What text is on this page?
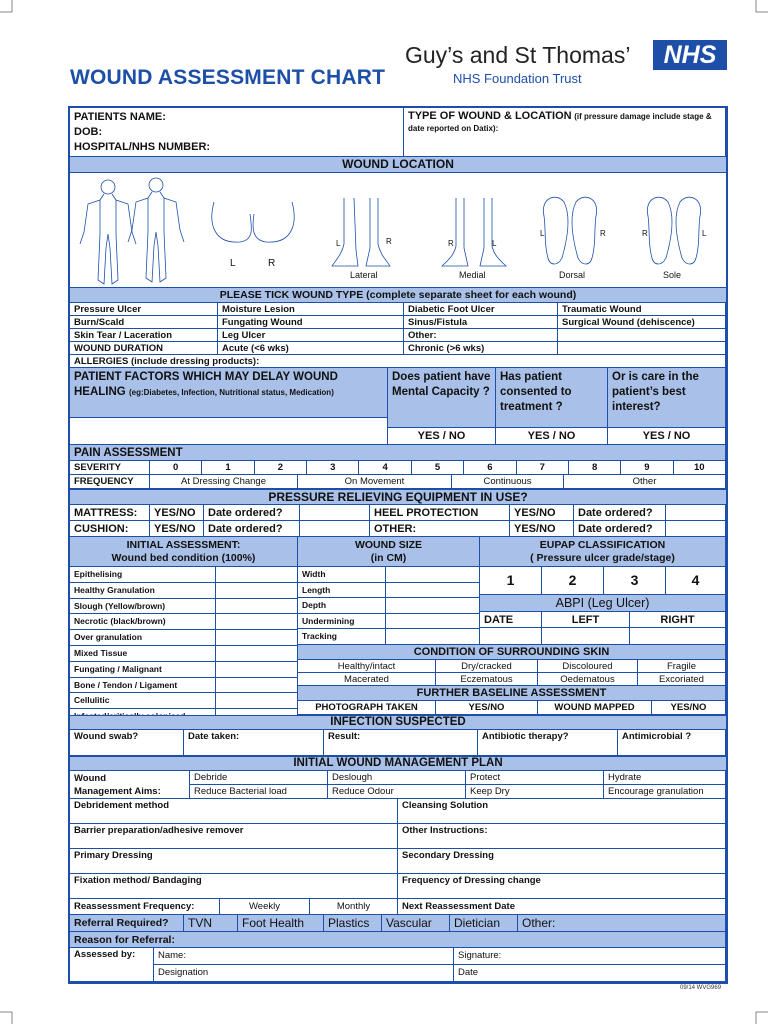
WOUND ASSESSMENT CHART
Guy’s and St Thomas’
NHS Foundation Trust
NHS
PATIENTS NAME:
DOB:
HOSPITAL/NHS NUMBER:
TYPE OF WOUND & LOCATION (if pressure damage include stage & date reported on Datix):
WOUND LOCATION
L	R
L	R	R	L
L	R	R	L
Lateral	Medial	Dorsal	Sole
PLEASE TICK WOUND TYPE (complete separate sheet for each wound)
Pressure Ulcer	Moisture Lesion	Diabetic Foot Ulcer	Traumatic Wound
Burn/Scald	Fungating Wound	Sinus/Fistula	Surgical Wound (dehiscence)
Skin Tear / Laceration	Leg Ulcer	Other:
WOUND DURATION	Acute (<6 wks)	Chronic (>6 wks)
ALLERGIES (include dressing products):
PATIENT FACTORS WHICH MAY DELAY WOUND HEALING (eg:Diabetes, Infection, Nutritional status, Medication)
Does patient have Mental Capacity ?
Has patient consented to treatment ?
Or is care in the patient’s best interest?
YES / NO	YES / NO	YES / NO
PAIN ASSESSMENT
SEVERITY	0	1	2	3	4	5	6	7	8	9	10
FREQUENCY	At Dressing Change	On Movement	Continuous	Other
PRESSURE RELIEVING EQUIPMENT IN USE?
MATTRESS:	YES/NO	Date ordered?	HEEL PROTECTION	YES/NO	Date ordered?
CUSHION:	YES/NO	Date ordered?	OTHER:	YES/NO	Date ordered?
INITIAL ASSESSMENT:
Wound bed condition (100%)
WOUND SIZE
(in CM)
EUPAP CLASSIFICATION
( Pressure ulcer grade/stage)
Epithelising
Healthy Granulation
Slough (Yellow/brown)
Necrotic (black/brown)
Over granulation
Mixed Tissue
Fungating / Malignant
Bone / Tendon / Ligament
Cellulitic
Width
Length
Depth
Undermining
Tracking
1	2	3	4
ABPI (Leg Ulcer)
DATE	LEFT	RIGHT
CONDITION OF SURROUNDING SKIN
Healthy/intact	Dry/cracked	Discoloured	Fragile
Macerated	Eczematous	Oedematous	Excoriated
FURTHER BASELINE ASSESSMENT
PHOTOGRAPH TAKEN	YES/NO	WOUND MAPPED	YES/NO
INFECTION SUSPECTED
Wound swab?	Date taken:	Result:	Antibiotic therapy?	Antimicrobial ?
INITIAL WOUND MANAGEMENT PLAN
Wound
Management Aims:
Debride	Deslough	Protect	Hydrate
Reduce Bacterial load	Reduce Odour	Keep Dry	Encourage granulation
Debridement method	Cleansing Solution
Barrier preparation/adhesive remover	Other Instructions:
Primary Dressing	Secondary Dressing
Fixation method/ Bandaging	Frequency of Dressing change
Reassessment Frequency:	Weekly	Monthly	Next Reassessment Date
Referral Required?	TVN	Foot Health	Plastics	Vascular	Dietician	Other:
Reason for Referral:
Assessed by:	Name:	Signature:
Designation	Date
09/14 WVG969
